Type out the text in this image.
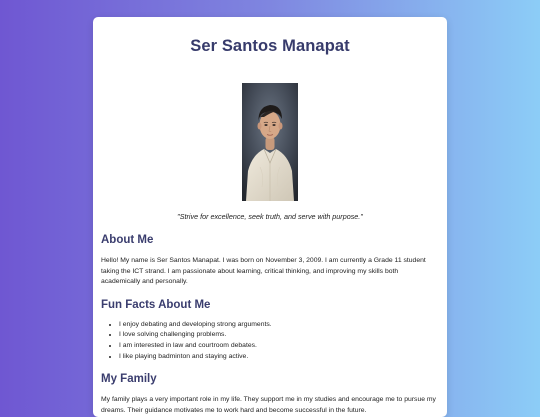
Ser Santos Manapat

"Strive for excellence, seek truth, and serve with purpose."

About Me

Hello! My name is Ser Santos Manapat. I was born on November 3, 2009. I am currently a Grade 11 student taking the ICT strand. I am passionate about learning, critical thinking, and improving my skills both academically and personally.

Fun Facts About Me
• I enjoy debating and developing strong arguments.
• I love solving challenging problems.
• I am interested in law and courtroom debates.
• I like playing badminton and staying active.
My Family

My family plays a very important role in my life. They support me in my studies and encourage me to pursue my dreams. Their guidance motivates me to work hard and become successful in the future.
